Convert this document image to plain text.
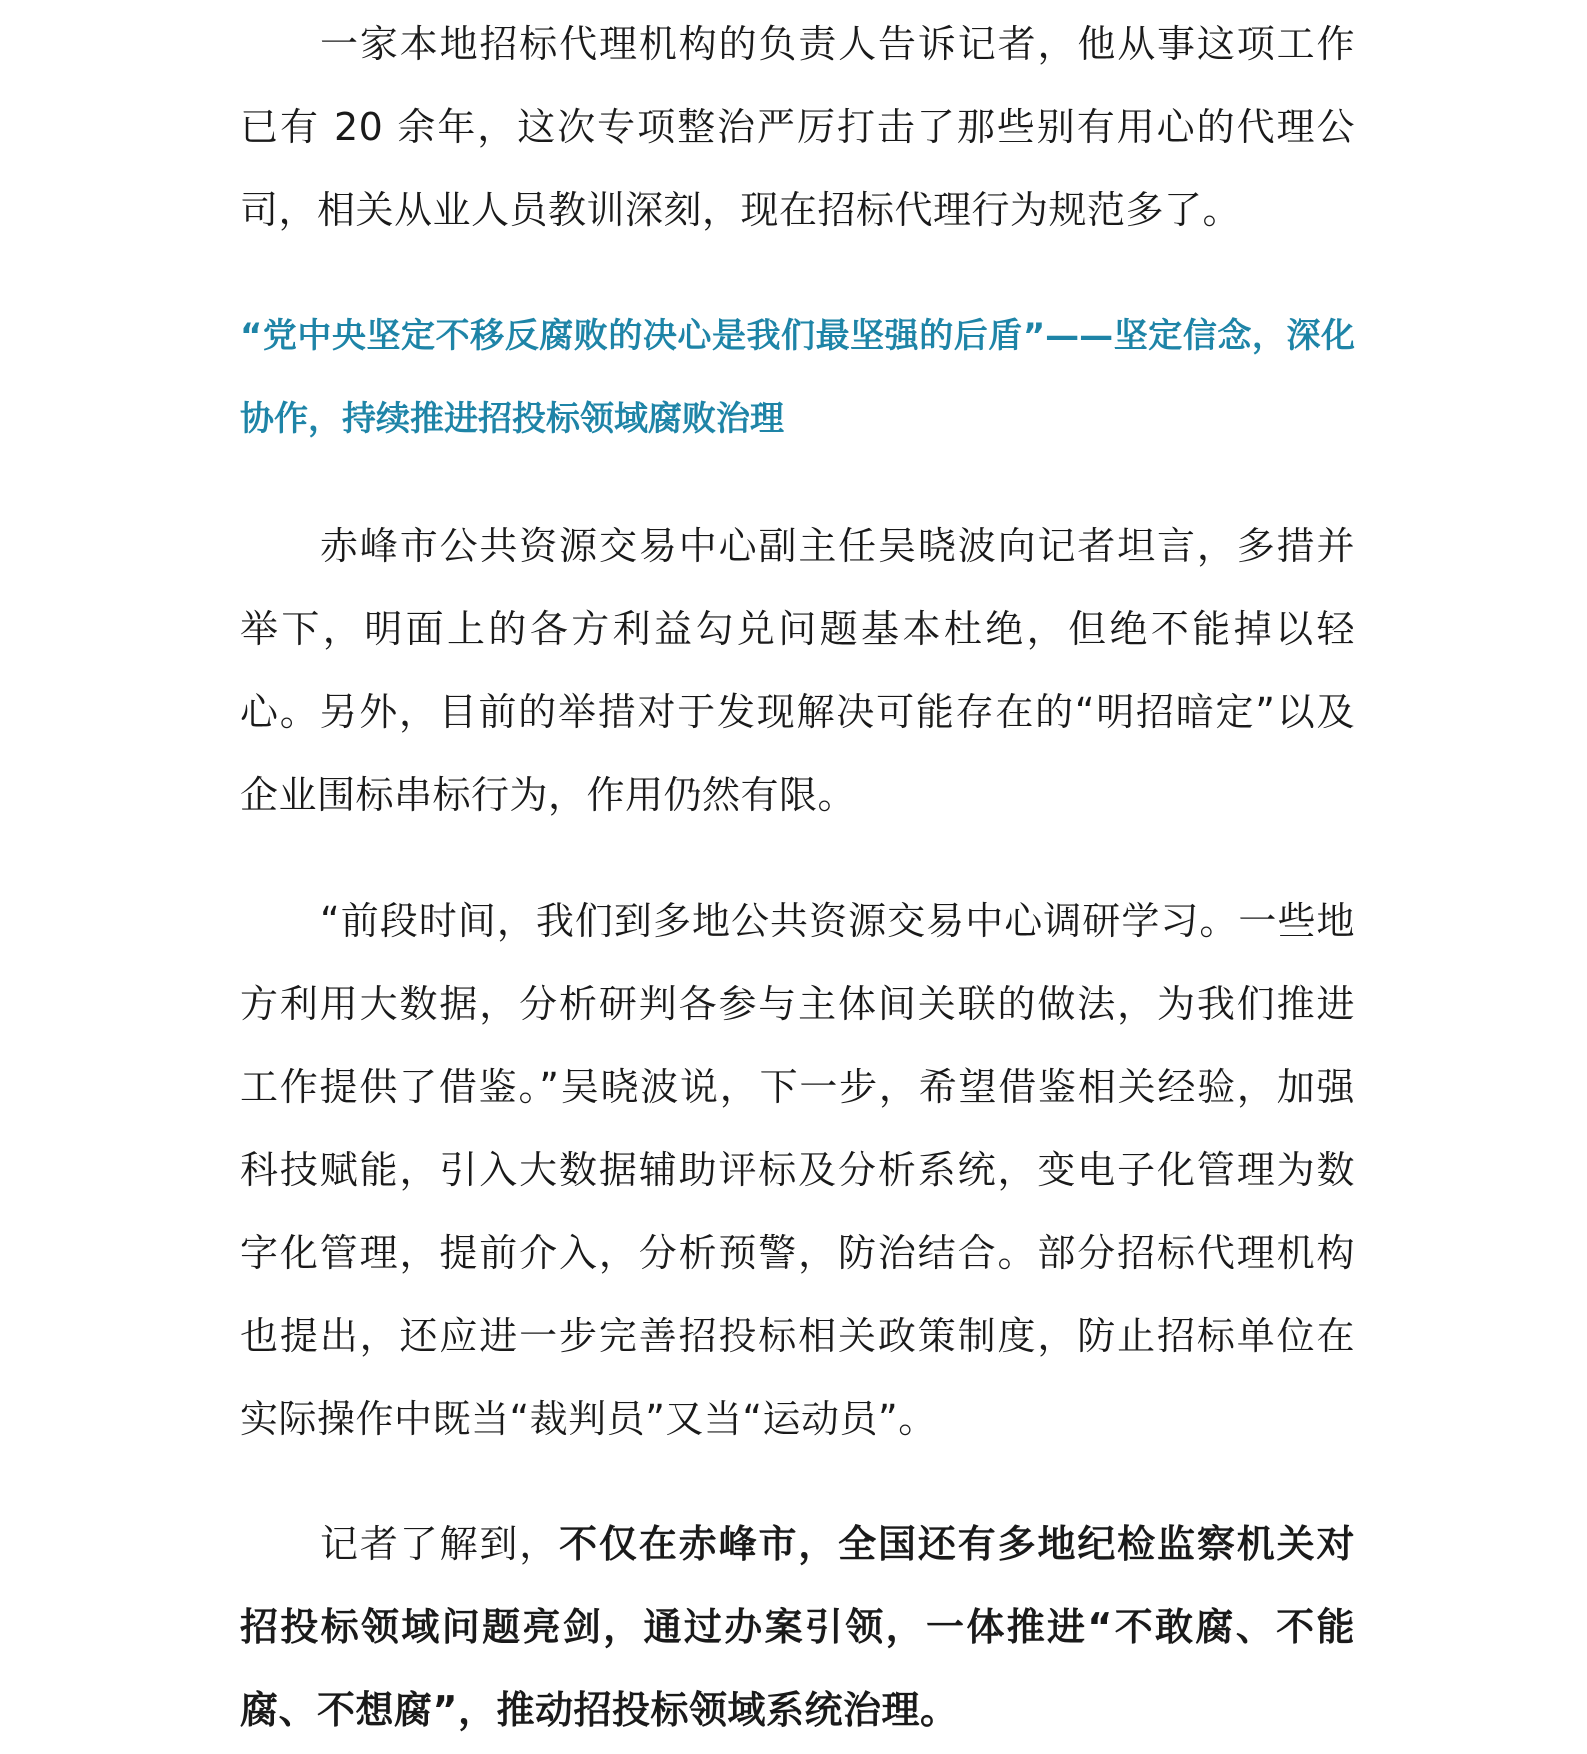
一家本地招标代理机构的负责人告诉记者，他从事这项工作已有 20 余年，这次专项整治严厉打击了那些别有用心的代理公司，相关从业人员教训深刻，现在招标代理行为规范多了。

“党中央坚定不移反腐败的决心是我们最坚强的后盾”——坚定信念，深化协作，持续推进招投标领域腐败治理

赤峰市公共资源交易中心副主任吴晓波向记者坦言，多措并举下，明面上的各方利益勾兑问题基本杜绝，但绝不能掉以轻心。另外，目前的举措对于发现解决可能存在的“明招暗定”以及企业围标串标行为，作用仍然有限。

“前段时间，我们到多地公共资源交易中心调研学习。一些地方利用大数据，分析研判各参与主体间关联的做法，为我们推进工作提供了借鉴。”吴晓波说，下一步，希望借鉴相关经验，加强科技赋能，引入大数据辅助评标及分析系统，变电子化管理为数字化管理，提前介入，分析预警，防治结合。部分招标代理机构也提出，还应进一步完善招投标相关政策制度，防止招标单位在实际操作中既当“裁判员”又当“运动员”。

记者了解到，不仅在赤峰市，全国还有多地纪检监察机关对招投标领域问题亮剑，通过办案引领，一体推进“不敢腐、不能腐、不想腐”，推动招投标领域系统治理。
